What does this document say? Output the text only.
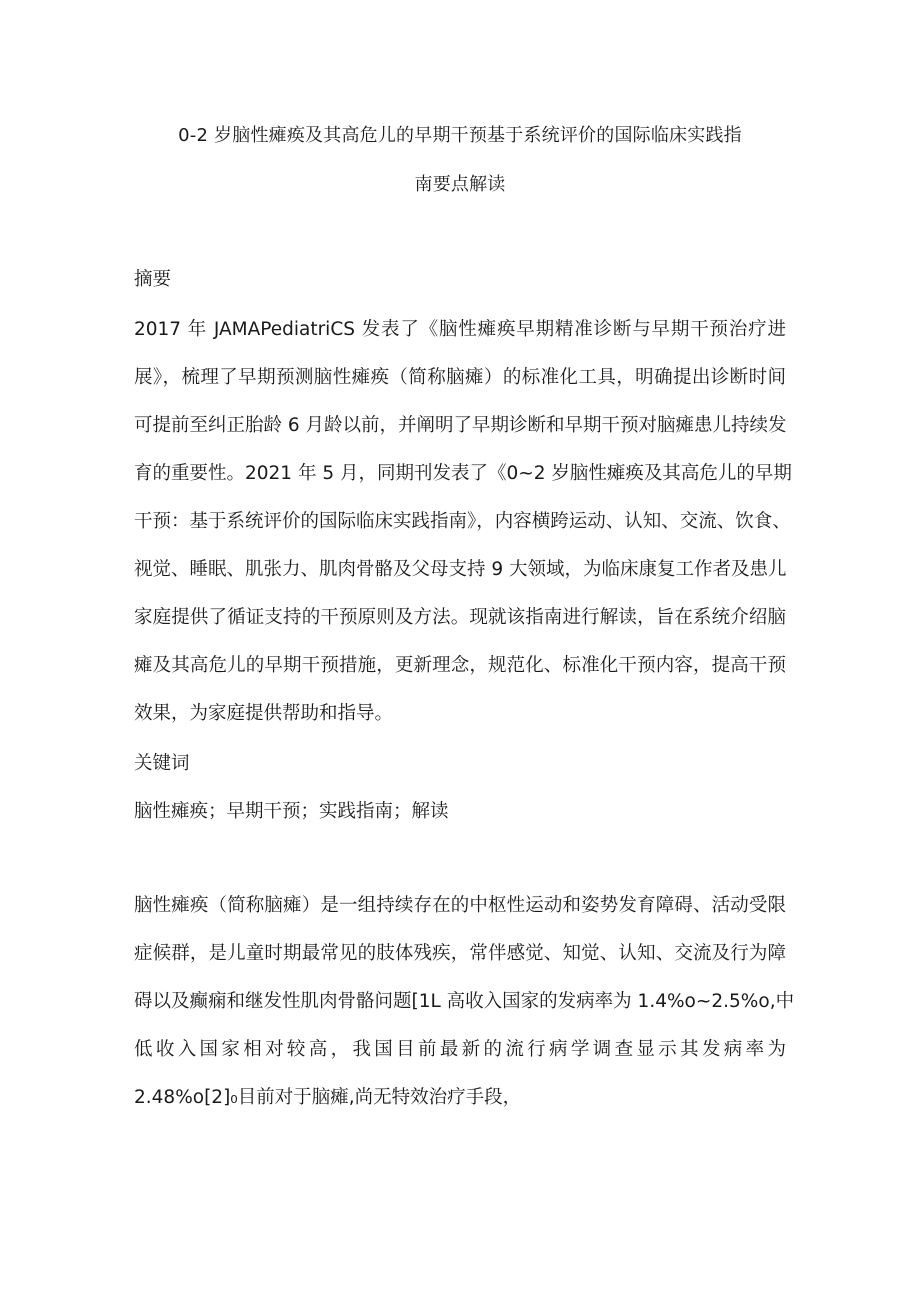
0-2 岁脑性瘫痪及其高危儿的早期干预基于系统评价的国际临床实践指
南要点解读
摘要
2017 年 JAMAPediatriCS 发表了《脑性瘫痪早期精准诊断与早期干预治疗进
展》，梳理了早期预测脑性瘫痪（简称脑瘫）的标准化工具，明确提出诊断时间
可提前至纠正胎龄 6 月龄以前，并阐明了早期诊断和早期干预对脑瘫患儿持续发
育的重要性。2021 年 5 月，同期刊发表了《0~2 岁脑性瘫痪及其高危儿的早期
干预：基于系统评价的国际临床实践指南》，内容横跨运动、认知、交流、饮食、
视觉、睡眠、肌张力、肌肉骨骼及父母支持 9 大领域，为临床康复工作者及患儿
家庭提供了循证支持的干预原则及方法。现就该指南进行解读，旨在系统介绍脑
瘫及其高危儿的早期干预措施，更新理念，规范化、标准化干预内容，提高干预
效果，为家庭提供帮助和指导。
关键词
脑性瘫痪；早期干预；实践指南；解读
脑性瘫痪（简称脑瘫）是一组持续存在的中枢性运动和姿势发育障碍、活动受限
症候群，是儿童时期最常见的肢体残疾，常伴感觉、知觉、认知、交流及行为障
碍以及癫痫和继发性肌肉骨骼问题[1L 高收入国家的发病率为 1.4%o~2.5%o,中
低收入国家相对较高，我国目前最新的流行病学调查显示其发病率为
2.48%o[2]₀目前对于脑瘫,尚无特效治疗手段，
